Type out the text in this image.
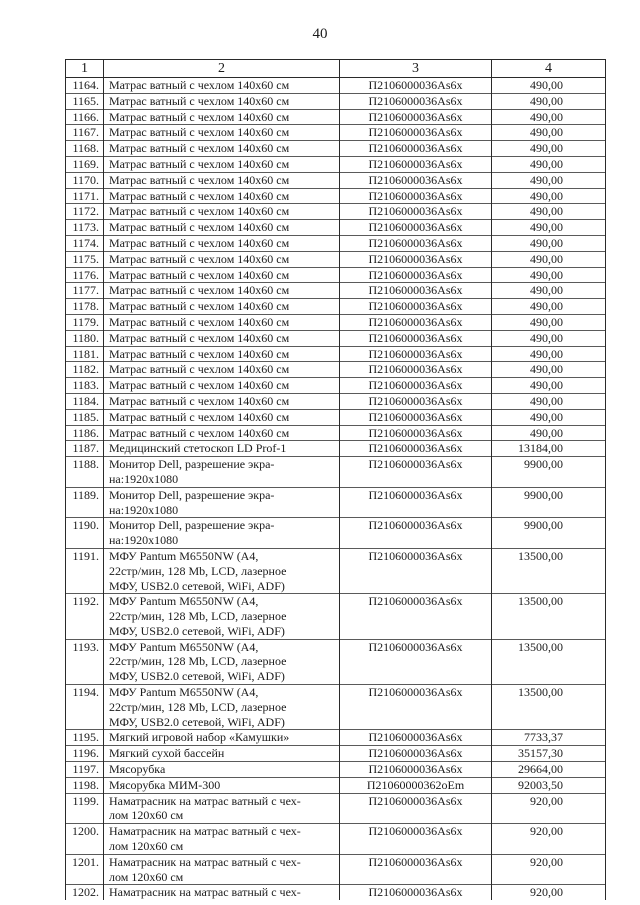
40
1	2	3	4
1164.	Матрас ватный с чехлом 140х60 см	П2106000036Аs6х	490,00
1165.	Матрас ватный с чехлом 140х60 см	П2106000036Аs6х	490,00
1166.	Матрас ватный с чехлом 140х60 см	П2106000036Аs6х	490,00
1167.	Матрас ватный с чехлом 140х60 см	П2106000036Аs6х	490,00
1168.	Матрас ватный с чехлом 140х60 см	П2106000036Аs6х	490,00
1169.	Матрас ватный с чехлом 140х60 см	П2106000036Аs6х	490,00
1170.	Матрас ватный с чехлом 140х60 см	П2106000036Аs6х	490,00
1171.	Матрас ватный с чехлом 140х60 см	П2106000036Аs6х	490,00
1172.	Матрас ватный с чехлом 140х60 см	П2106000036Аs6х	490,00
1173.	Матрас ватный с чехлом 140х60 см	П2106000036Аs6х	490,00
1174.	Матрас ватный с чехлом 140х60 см	П2106000036Аs6х	490,00
1175.	Матрас ватный с чехлом 140х60 см	П2106000036Аs6х	490,00
1176.	Матрас ватный с чехлом 140х60 см	П2106000036Аs6х	490,00
1177.	Матрас ватный с чехлом 140х60 см	П2106000036Аs6х	490,00
1178.	Матрас ватный с чехлом 140х60 см	П2106000036Аs6х	490,00
1179.	Матрас ватный с чехлом 140х60 см	П2106000036Аs6х	490,00
1180.	Матрас ватный с чехлом 140х60 см	П2106000036Аs6х	490,00
1181.	Матрас ватный с чехлом 140х60 см	П2106000036Аs6х	490,00
1182.	Матрас ватный с чехлом 140х60 см	П2106000036Аs6х	490,00
1183.	Матрас ватный с чехлом 140х60 см	П2106000036Аs6х	490,00
1184.	Матрас ватный с чехлом 140х60 см	П2106000036Аs6х	490,00
1185.	Матрас ватный с чехлом 140х60 см	П2106000036Аs6х	490,00
1186.	Матрас ватный с чехлом 140х60 см	П2106000036Аs6х	490,00
1187.	Медицинский стетоскоп LD Prof-1	П2106000036Аs6х	13184,00
1188.	Монитор Dell, разрешение экра-
на:1920х1080	П2106000036Аs6х	9900,00
1189.	Монитор Dell, разрешение экра-
на:1920х1080	П2106000036Аs6х	9900,00
1190.	Монитор Dell, разрешение экра-
на:1920х1080	П2106000036Аs6х	9900,00
1191.	МФУ Pantum M6550NW (A4,
22стр/мин, 128 Mb, LCD, лазерное
МФУ, USB2.0 сетевой, WiFi, ADF)	П2106000036Аs6х	13500,00
1192.	МФУ Pantum M6550NW (A4,
22стр/мин, 128 Mb, LCD, лазерное
МФУ, USB2.0 сетевой, WiFi, ADF)	П2106000036Аs6х	13500,00
1193.	МФУ Pantum M6550NW (A4,
22стр/мин, 128 Mb, LCD, лазерное
МФУ, USB2.0 сетевой, WiFi, ADF)	П2106000036Аs6х	13500,00
1194.	МФУ Pantum M6550NW (A4,
22стр/мин, 128 Mb, LCD, лазерное
МФУ, USB2.0 сетевой, WiFi, ADF)	П2106000036Аs6х	13500,00
1195.	Мягкий игровой набор «Камушки»	П2106000036Аs6х	7733,37
1196.	Мягкий сухой бассейн	П2106000036Аs6х	35157,30
1197.	Мясорубка	П2106000036Аs6х	29664,00
1198.	Мясорубка МИМ-300	П21060000362оЕm	92003,50
1199.	Наматрасник на матрас ватный с чех-
лом 120х60 см	П2106000036Аs6х	920,00
1200.	Наматрасник на матрас ватный с чех-
лом 120х60 см	П2106000036Аs6х	920,00
1201.	Наматрасник на матрас ватный с чех-
лом 120х60 см	П2106000036Аs6х	920,00
1202.	Наматрасник на матрас ватный с чех-	П2106000036Аs6х	920,00
